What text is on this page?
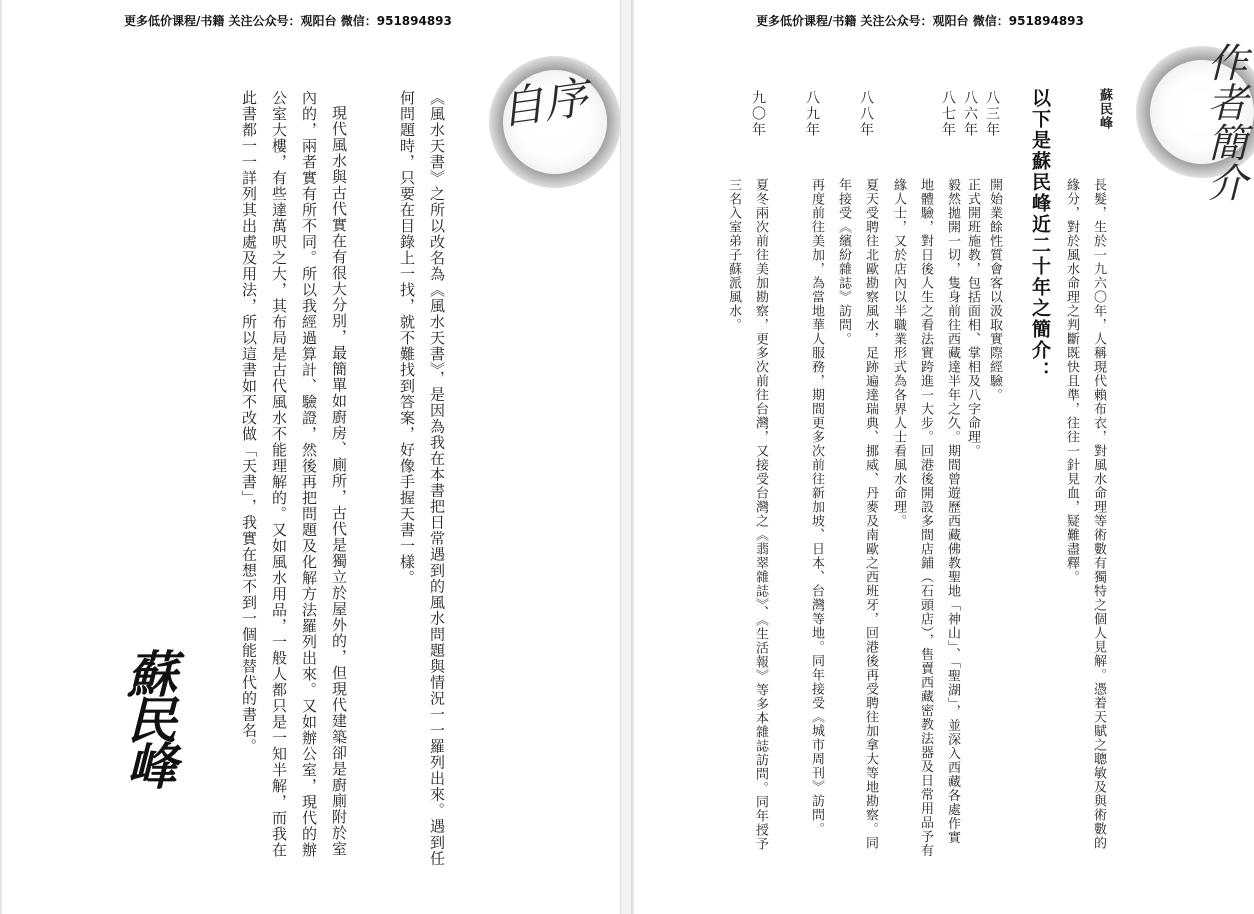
更多低价课程/书籍 关注公众号：观阳台 微信：951894893
自序
《風水天書》之所以改名為《風水天書》，是因為我在本書把日常遇到的風水問題與情況一一羅列出來。遇到任何問題時，只要在目錄上一找，就不難找到答案，好像手握天書一樣。
現代風水與古代實在有很大分別，最簡單如廚房、廁所，古代是獨立於屋外的，但現代建築卻是廚廁附於室內的，兩者實有所不同。所以我經過算計、驗證，然後再把問題及化解方法羅列出來。又如辦公室，現代的辦公室大樓，有些達萬呎之大，其布局是古代風水不能理解的。又如風水用品，一般人都只是一知半解，而我在此書都一一詳列其出處及用法，所以這書如不改做「天書」，我實在想不到一個能替代的書名。
蘇民峰
更多低价课程/书籍 关注公众号：观阳台 微信：951894893
作者簡介
蘇民峰
長髮，生於一九六〇年，人稱現代賴布衣，對風水命理等術數有獨特之個人見解。憑着天賦之聰敏及與術數的緣分，對於風水命理之判斷既快且準，往往一針見血，疑難盡釋。
以下是蘇民峰近二十年之簡介：
八三年
八六年
八七年
八八年
八九年
九〇年
開始業餘性質會客以汲取實際經驗。
正式開班施教，包括面相、掌相及八字命理。
毅然拋開一切，隻身前往西藏達半年之久。期間曾遊歷西藏佛教聖地「神山」、「聖湖」，並深入西藏各處作實地體驗，對日後人生之看法實跨進一大步。回港後開設多間店鋪（石頭店），售賣西藏密教法器及日常用品予有緣人士，又於店內以半職業形式為各界人士看風水命理。
夏天受聘往北歐勘察風水，足跡遍達瑞典、挪威、丹麥及南歐之西班牙，回港後再受聘往加拿大等地勘察。同年接受《繽紛雜誌》訪問。
再度前往美加，為當地華人服務，期間更多次前往新加坡、日本、台灣等地。同年接受《城市周刊》訪問。
夏冬兩次前往美加勘察，更多次前往台灣，又接受台灣之《翡翠雜誌》、《生活報》等多本雜誌訪問。同年授予三名入室弟子蘇派風水。
